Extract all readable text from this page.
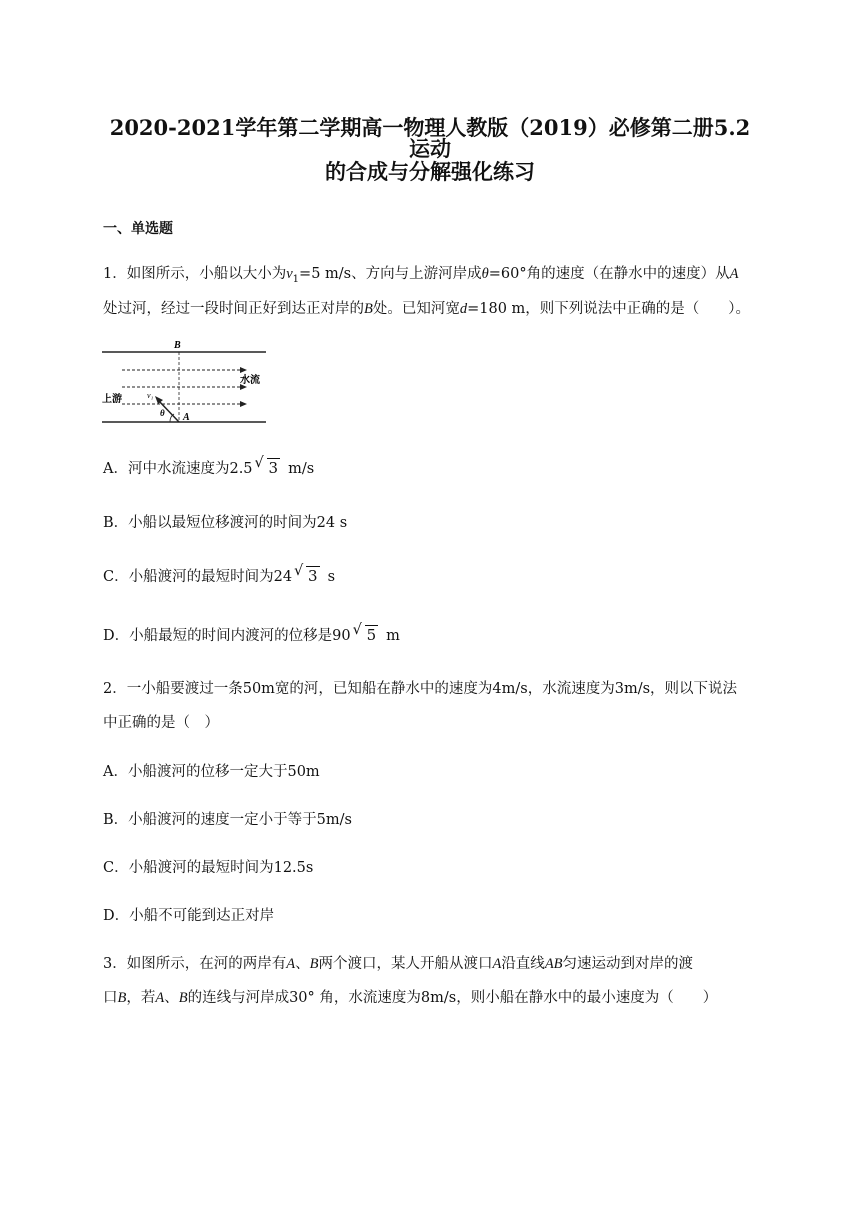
2020-2021学年第二学期高一物理人教版（2019）必修第二册5.2运动
的合成与分解强化练习
一、单选题
1．如图所示，小船以大小为$v_1=5$ m/s、方向与上游河岸成θ=60°角的速度（在静水中的速度）从A
处过河，经过一段时间正好到达正对岸的B处。已知河宽d=180 m，则下列说法中正确的是（　　）。
B
水流
上游	v₁
θ A
A．河中水流速度为2.5 √ 3 m/s
B．小船以最短位移渡河的时间为24 s
C．小船渡河的最短时间为24 √ 3 s
D．小船最短的时间内渡河的位移是90 √ 5 m
2．一小船要渡过一条50m宽的河，已知船在静水中的速度为4m/s，水流速度为3m/s，则以下说法
中正确的是（　）
A．小船渡河的位移一定大于50m
B．小船渡河的速度一定小于等于5m/s
C．小船渡河的最短时间为12.5s
D．小船不可能到达正对岸
3．如图所示，在河的两岸有A、B两个渡口，某人开船从渡口A沿直线AB匀速运动到对岸的渡
口B，若A、B的连线与河岸成30° 角，水流速度为8m/s，则小船在静水中的最小速度为（　　）
